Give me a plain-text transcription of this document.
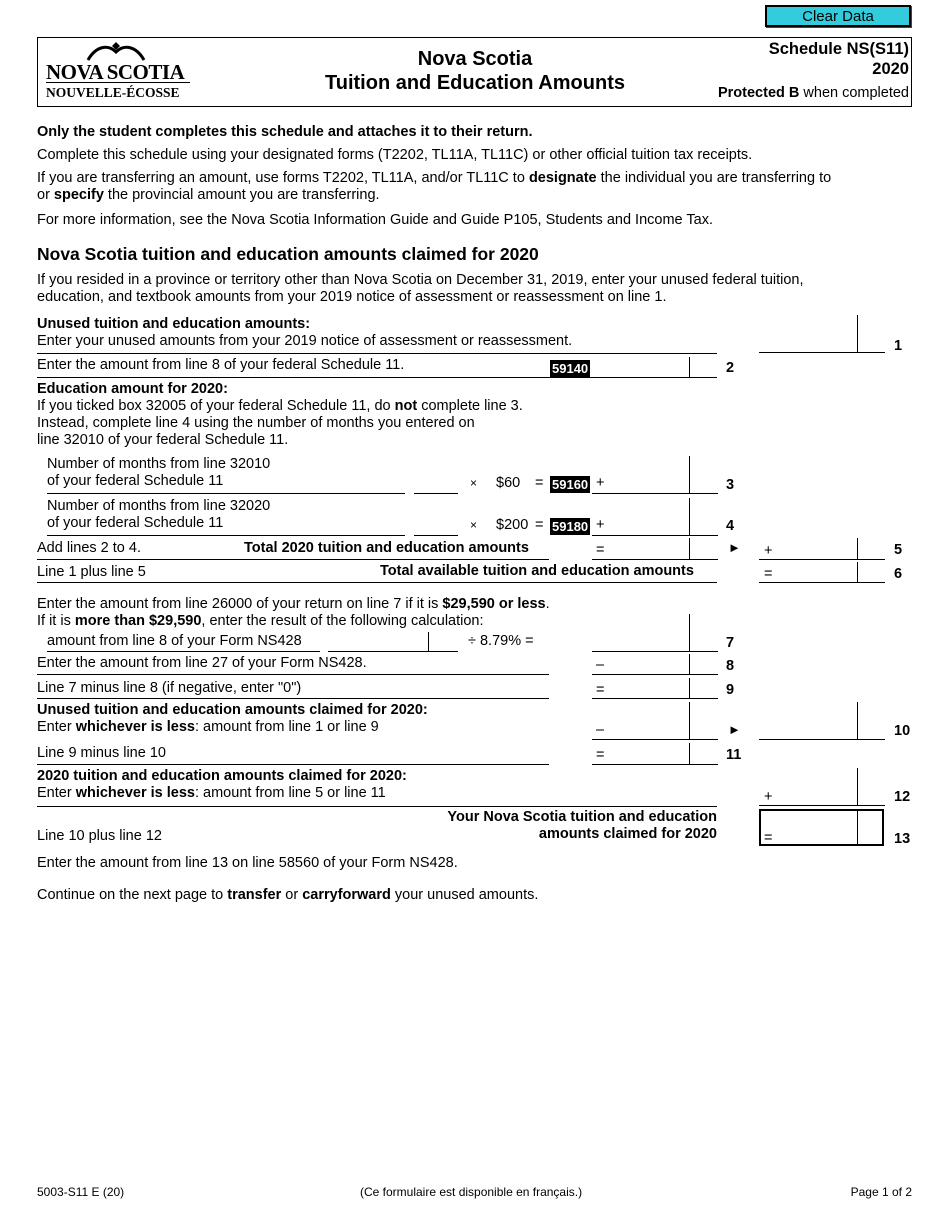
Clear Data
NOVA SCOTIA
NOUVELLE-ÉCOSSE
Nova Scotia
Tuition and Education Amounts
Schedule NS(S11)
2020
Protected B when completed
Only the student completes this schedule and attaches it to their return.
Complete this schedule using your designated forms (T2202, TL11A, TL11C) or other official tuition tax receipts.
If you are transferring an amount, use forms T2202, TL11A, and/or TL11C to designate the individual you are transferring to
or specify the provincial amount you are transferring.
For more information, see the Nova Scotia Information Guide and Guide P105, Students and Income Tax.
Nova Scotia tuition and education amounts claimed for 2020
If you resided in a province or territory other than Nova Scotia on December 31, 2019, enter your unused federal tuition,
education, and textbook amounts from your 2019 notice of assessment or reassessment on line 1.
Unused tuition and education amounts:
Enter your unused amounts from your 2019 notice of assessment or reassessment.	1
Enter the amount from line 8 of your federal Schedule 11.	59140	2
Education amount for 2020:
If you ticked box 32005 of your federal Schedule 11, do not complete line 3.
Instead, complete line 4 using the number of months you entered on
line 32010 of your federal Schedule 11.
Number of months from line 32010
of your federal Schedule 11	× $60 = 59160 +	3
Number of months from line 32020
of your federal Schedule 11	× $200 = 59180 +	4
Add lines 2 to 4.	Total 2020 tuition and education amounts	=	► +	5
Line 1 plus line 5	Total available tuition and education amounts	=	6
Enter the amount from line 26000 of your return on line 7 if it is $29,590 or less.
If it is more than $29,590, enter the result of the following calculation:
amount from line 8 of your Form NS428	÷ 8.79% =	7
Enter the amount from line 27 of your Form NS428.	–	8
Line 7 minus line 8 (if negative, enter "0")	=	9
Unused tuition and education amounts claimed for 2020:
Enter whichever is less: amount from line 1 or line 9	–	►	10
Line 9 minus line 10	=	11
2020 tuition and education amounts claimed for 2020:
Enter whichever is less: amount from line 5 or line 11	+	12
Your Nova Scotia tuition and education
amounts claimed for 2020
Line 10 plus line 12	=	13
Enter the amount from line 13 on line 58560 of your Form NS428.
Continue on the next page to transfer or carryforward your unused amounts.
5003-S11 E (20)	(Ce formulaire est disponible en français.)	Page 1 of 2
